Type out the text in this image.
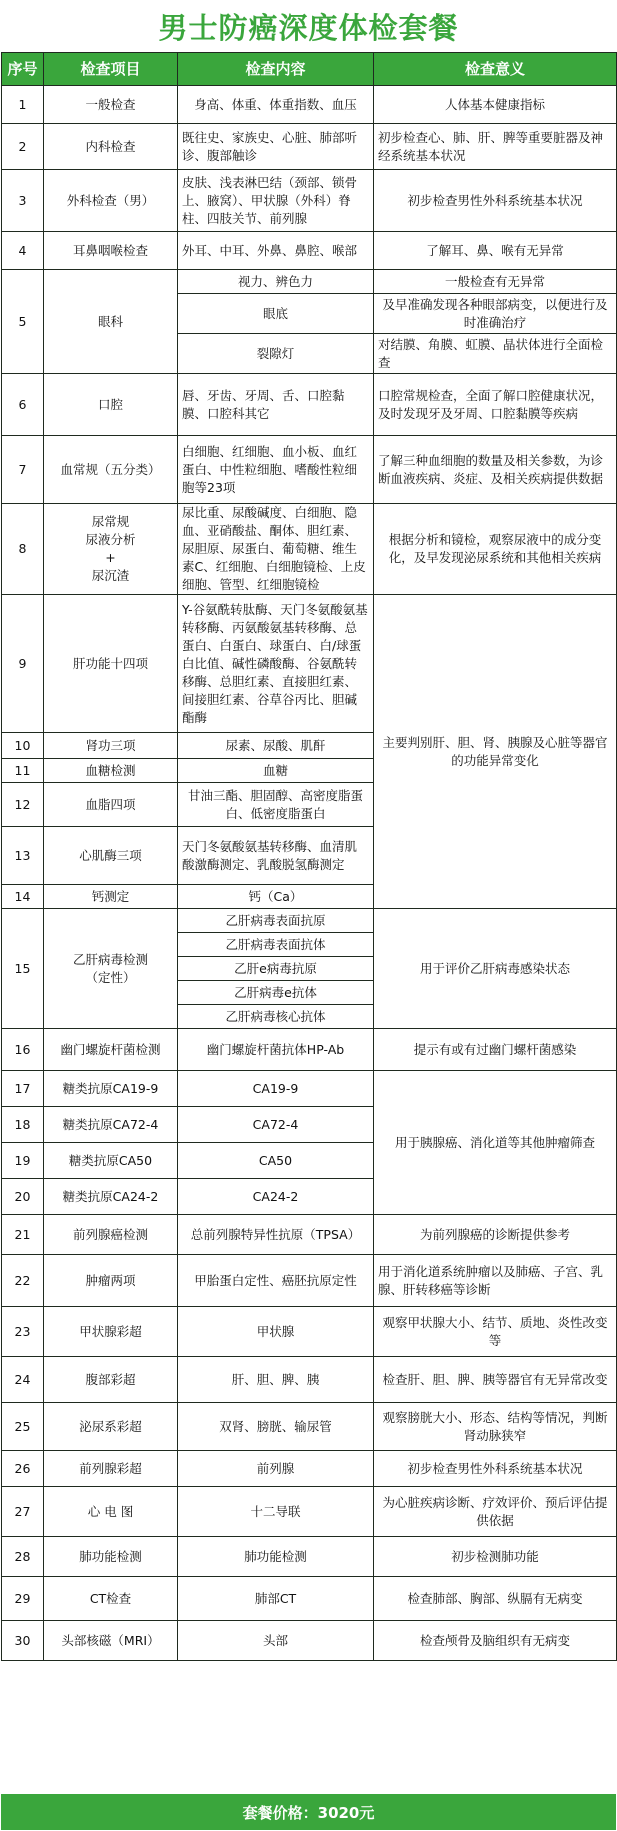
男士防癌深度体检套餐
序号	检查项目	检查内容	检查意义
1	一般检查	身高、体重、体重指数、血压	人体基本健康指标
2	内科检查	既往史、家族史、心脏、肺部听诊、腹部触诊	初步检查心、肺、肝、脾等重要脏器及神经系统基本状况
3	外科检查（男）	皮肤、浅表淋巴结（颈部、锁骨上、腋窝）、甲状腺（外科）脊柱、四肢关节、前列腺	初步检查男性外科系统基本状况
4	耳鼻咽喉检查	外耳、中耳、外鼻、鼻腔、喉部	了解耳、鼻、喉有无异常
5	眼科	视力、辨色力	一般检查有无异常
		眼底	及早准确发现各种眼部病变，以便进行及时准确治疗
		裂隙灯	对结膜、角膜、虹膜、晶状体进行全面检查
6	口腔	唇、牙齿、牙周、舌、口腔黏膜、口腔科其它	口腔常规检查，全面了解口腔健康状况，及时发现牙及牙周、口腔黏膜等疾病
7	血常规（五分类）	白细胞、红细胞、血小板、血红蛋白、中性粒细胞、嗜酸性粒细胞等23项	了解三种血细胞的数量及相关参数，为诊断血液疾病、炎症、及相关疾病提供数据
8	尿常规
尿液分析
+
尿沉渣	尿比重、尿酸碱度、白细胞、隐血、亚硝酸盐、酮体、胆红素、尿胆原、尿蛋白、葡萄糖、维生素C、红细胞、白细胞镜检、上皮细胞、管型、红细胞镜检	根据分析和镜检，观察尿液中的成分变化，及早发现泌尿系统和其他相关疾病
9	肝功能十四项	Y-谷氨酰转肽酶、天门冬氨酸氨基转移酶、丙氨酸氨基转移酶、总蛋白、白蛋白、球蛋白、白/球蛋白比值、碱性磷酸酶、谷氨酰转移酶、总胆红素、直接胆红素、间接胆红素、谷草谷丙比、胆碱酯酶	主要判别肝、胆、肾、胰腺及心脏等器官的功能异常变化
10	肾功三项	尿素、尿酸、肌酐	
11	血糖检测	血糖	
12	血脂四项	甘油三酯、胆固醇、高密度脂蛋白、低密度脂蛋白	
13	心肌酶三项	天门冬氨酸氨基转移酶、血清肌酸激酶测定、乳酸脱氢酶测定	
14	钙测定	钙（Ca）	
15	乙肝病毒检测
（定性）	乙肝病毒表面抗原	用于评价乙肝病毒感染状态
		乙肝病毒表面抗体	
		乙肝e病毒抗原	
		乙肝病毒e抗体	
		乙肝病毒核心抗体	
16	幽门螺旋杆菌检测	幽门螺旋杆菌抗体HP-Ab	提示有或有过幽门螺杆菌感染
17	糖类抗原CA19-9	CA19-9	用于胰腺癌、消化道等其他肿瘤筛查
18	糖类抗原CA72-4	CA72-4	
19	糖类抗原CA50	CA50	
20	糖类抗原CA24-2	CA24-2	
21	前列腺癌检测	总前列腺特异性抗原（TPSA）	为前列腺癌的诊断提供参考
22	肿瘤两项	甲胎蛋白定性、癌胚抗原定性	用于消化道系统肿瘤以及肺癌、子宫、乳腺、肝转移癌等诊断
23	甲状腺彩超	甲状腺	观察甲状腺大小、结节、质地、炎性改变等
24	腹部彩超	肝、胆、脾、胰	检查肝、胆、脾、胰等器官有无异常改变
25	泌尿系彩超	双肾、膀胱、输尿管	观察膀胱大小、形态、结构等情况，判断肾动脉狭窄
26	前列腺彩超	前列腺	初步检查男性外科系统基本状况
27	心 电 图	十二导联	为心脏疾病诊断、疗效评价、预后评估提供依据
28	肺功能检测	肺功能检测	初步检测肺功能
29	CT检查	肺部CT	检查肺部、胸部、纵膈有无病变
30	头部核磁（MRI）	头部	检查颅骨及脑组织有无病变
套餐价格：3020元
